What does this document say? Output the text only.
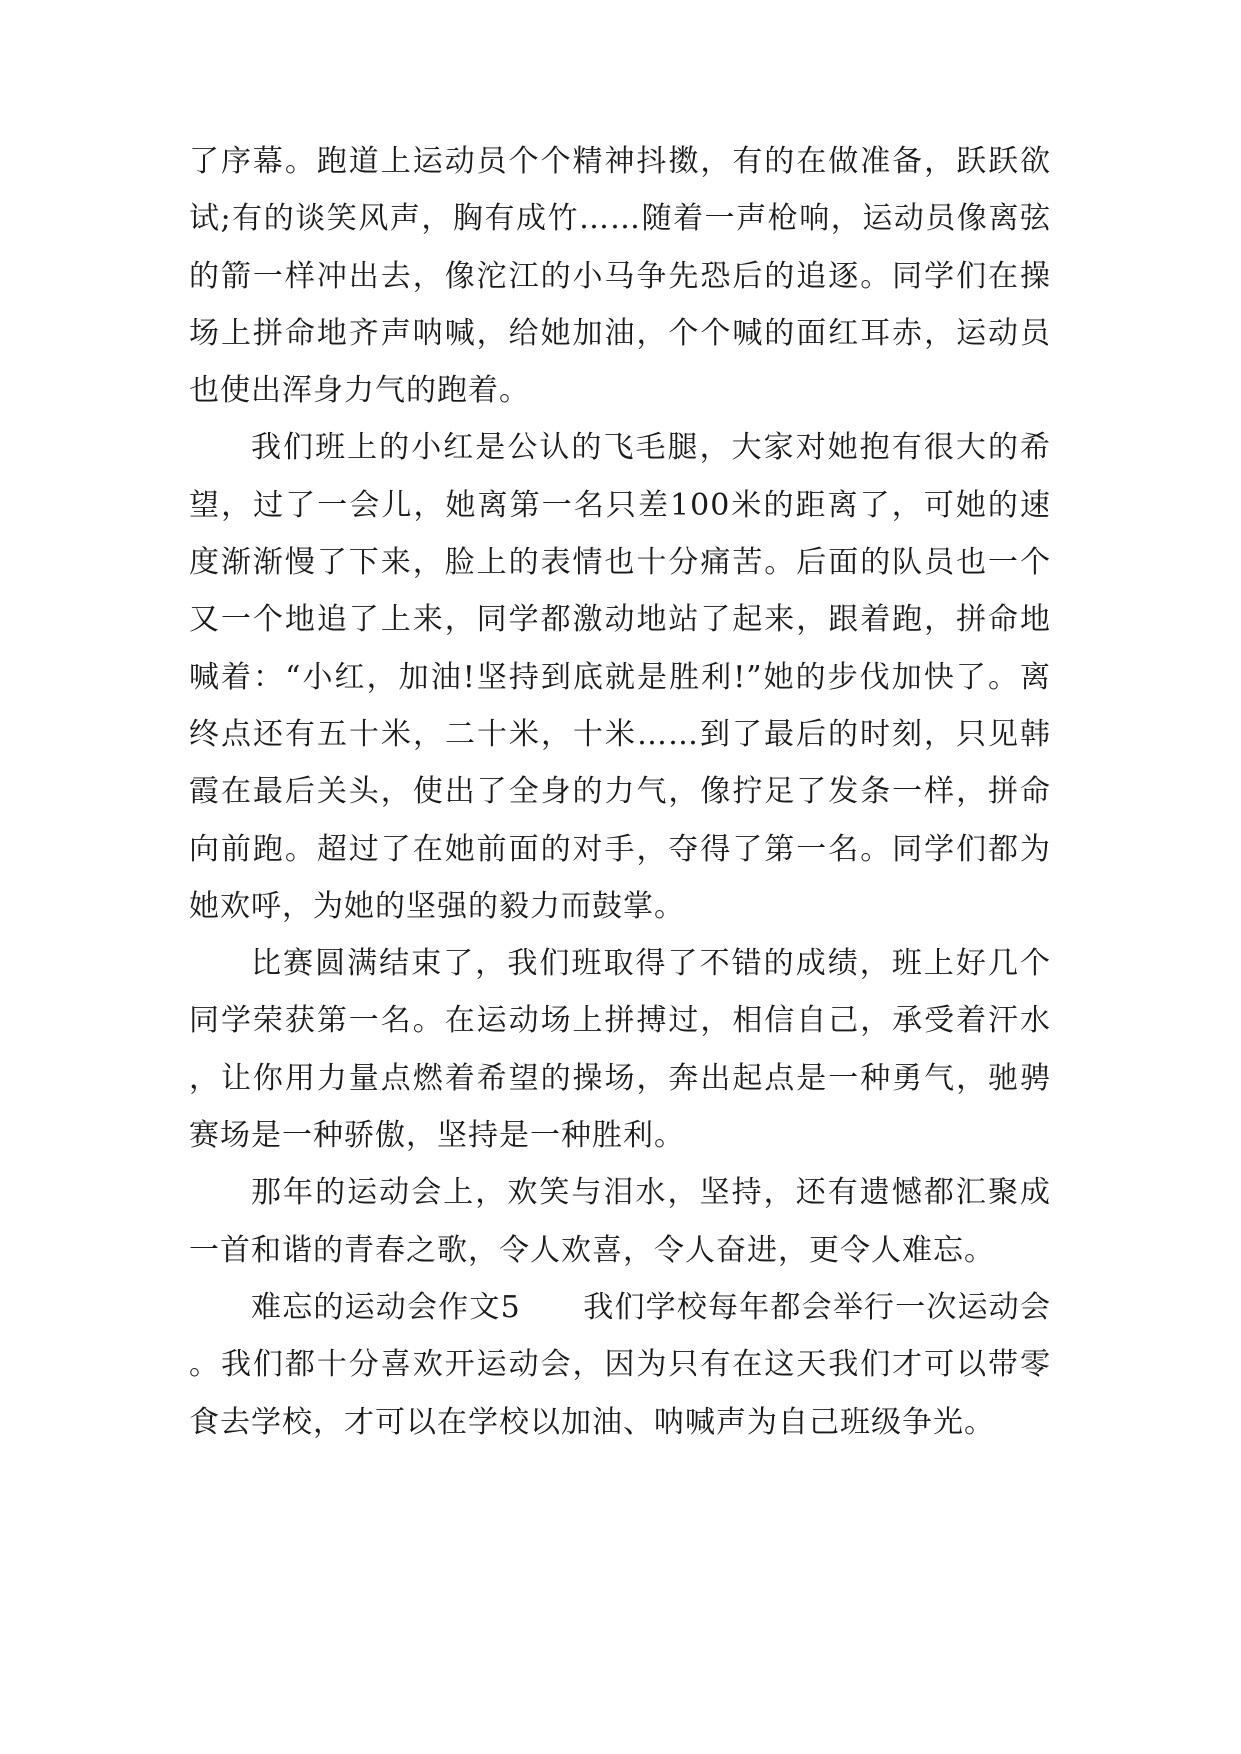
了序幕。跑道上运动员个个精神抖擞，有的在做准备，跃跃欲试;有的谈笑风声，胸有成竹……随着一声枪响，运动员像离弦的箭一样冲出去，像沱江的小马争先恐后的追逐。同学们在操场上拼命地齐声呐喊，给她加油，个个喊的面红耳赤，运动员也使出浑身力气的跑着。

我们班上的小红是公认的飞毛腿，大家对她抱有很大的希望，过了一会儿，她离第一名只差100米的距离了，可她的速度渐渐慢了下来，脸上的表情也十分痛苦。后面的队员也一个又一个地追了上来，同学都激动地站了起来，跟着跑，拼命地喊着：“小红，加油!坚持到底就是胜利!”她的步伐加快了。离终点还有五十米，二十米，十米……到了最后的时刻，只见韩霞在最后关头，使出了全身的力气，像拧足了发条一样，拼命向前跑。超过了在她前面的对手，夺得了第一名。同学们都为她欢呼，为她的坚强的毅力而鼓掌。

比赛圆满结束了，我们班取得了不错的成绩，班上好几个同学荣获第一名。在运动场上拼搏过，相信自己，承受着汗水，让你用力量点燃着希望的操场，奔出起点是一种勇气，驰骋赛场是一种骄傲，坚持是一种胜利。

那年的运动会上，欢笑与泪水，坚持，还有遗憾都汇聚成一首和谐的青春之歌，令人欢喜，令人奋进，更令人难忘。

难忘的运动会作文5　　我们学校每年都会举行一次运动会。我们都十分喜欢开运动会，因为只有在这天我们才可以带零食去学校，才可以在学校以加油、呐喊声为自己班级争光。
